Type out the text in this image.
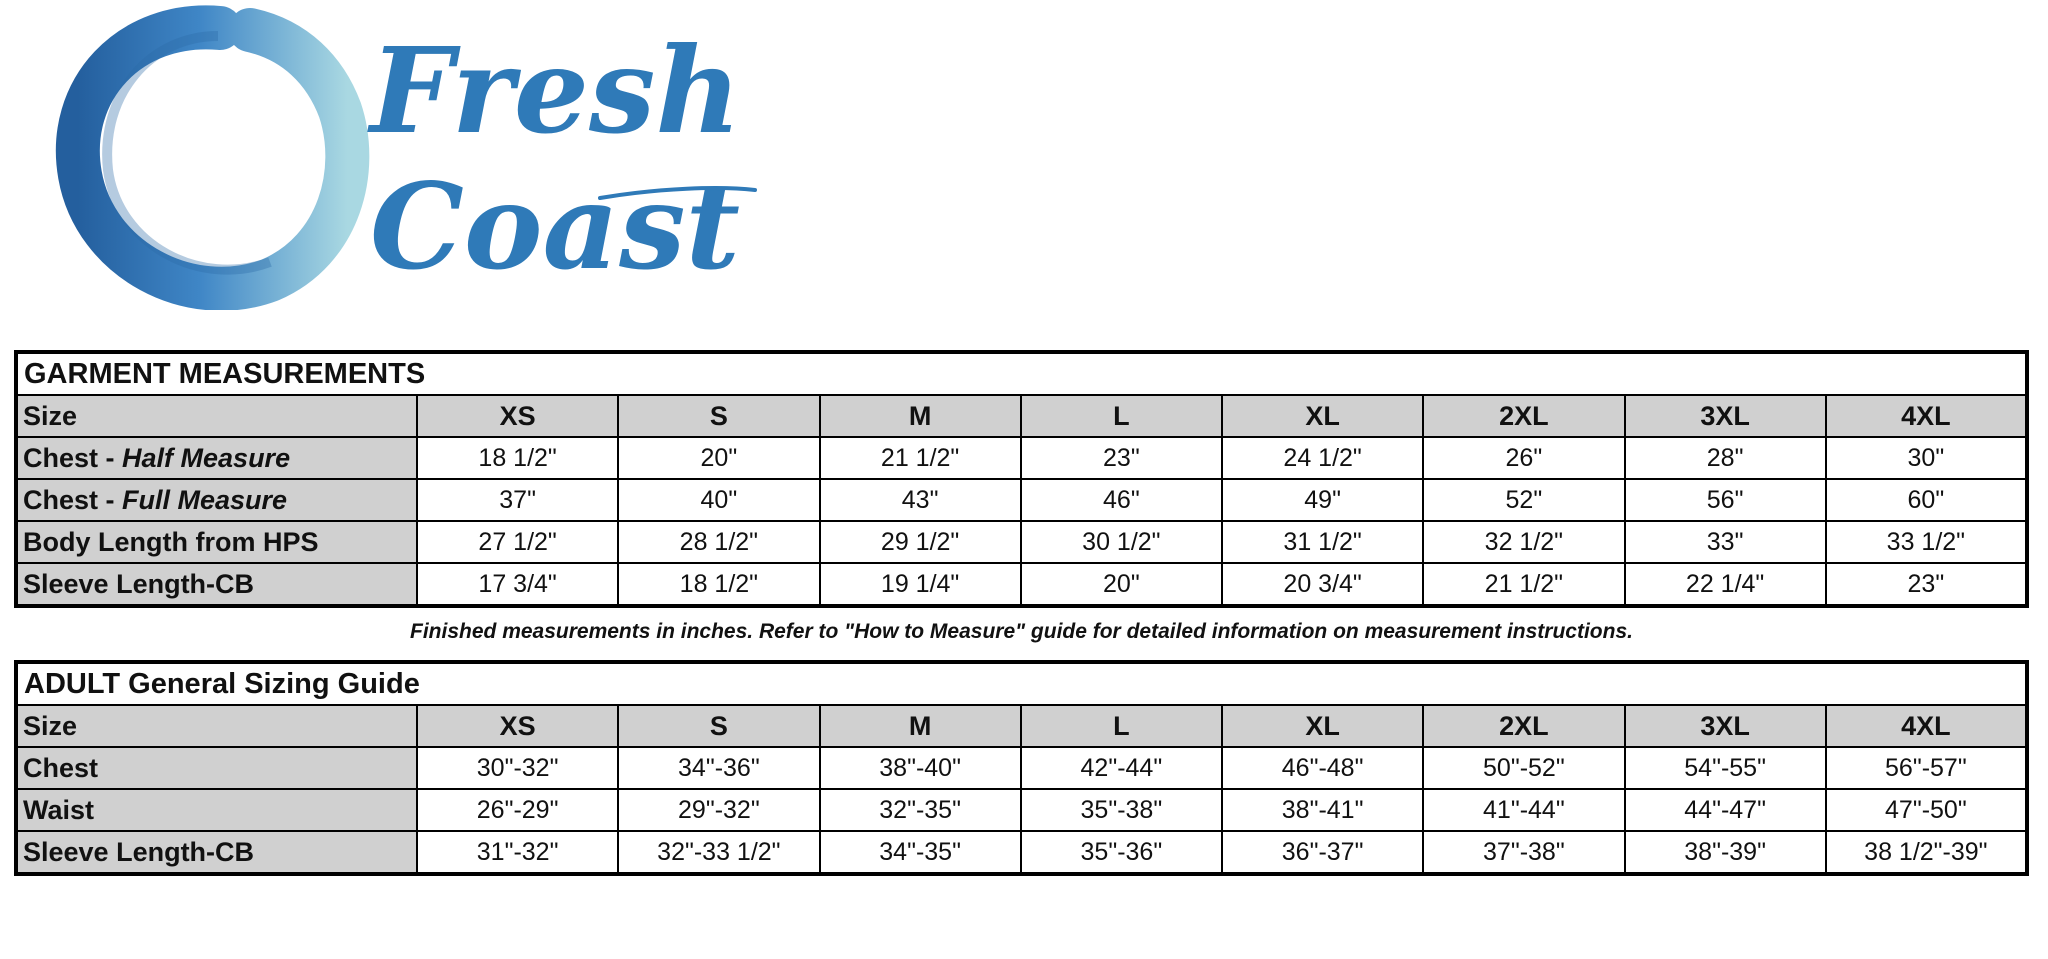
Fresh
Coast
GARMENT MEASUREMENTS								
Size	XS	S	M	L	XL	2XL	3XL	4XL
Chest - Half Measure	18 1/2"	20"	21 1/2"	23"	24 1/2"	26"	28"	30"
Chest - Full Measure	37"	40"	43"	46"	49"	52"	56"	60"
Body Length from HPS	27 1/2"	28 1/2"	29 1/2"	30 1/2"	31 1/2"	32 1/2"	33"	33 1/2"
Sleeve Length-CB	17 3/4"	18 1/2"	19 1/4"	20"	20 3/4"	21 1/2"	22 1/4"	23"
Finished measurements in inches. Refer to "How to Measure" guide for detailed information on measurement instructions.
ADULT General Sizing Guide								
Size	XS	S	M	L	XL	2XL	3XL	4XL
Chest	30"-32"	34"-36"	38"-40"	42"-44"	46"-48"	50"-52"	54"-55"	56"-57"
Waist	26"-29"	29"-32"	32"-35"	35"-38"	38"-41"	41"-44"	44"-47"	47"-50"
Sleeve Length-CB	31"-32"	32"-33 1/2"	34"-35"	35"-36"	36"-37"	37"-38"	38"-39"	38 1/2"-39"
